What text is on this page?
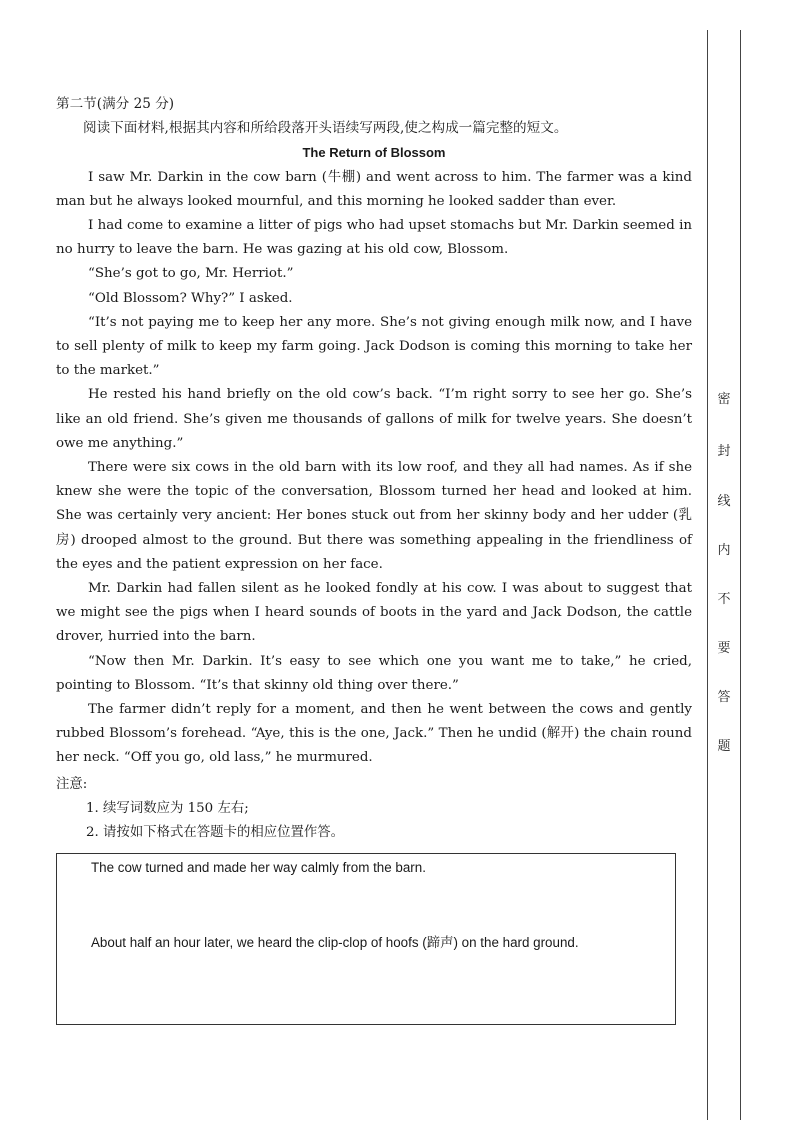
第二节(满分 25 分)

阅读下面材料,根据其内容和所给段落开头语续写两段,使之构成一篇完整的短文。

The Return of Blossom

I saw Mr. Darkin in the cow barn (牛棚) and went across to him. The farmer was a kind man but he always looked mournful, and this morning he looked sadder than ever.

I had come to examine a litter of pigs who had upset stomachs but Mr. Darkin seemed in no hurry to leave the barn. He was gazing at his old cow, Blossom.

“She’s got to go, Mr. Herriot.”

“Old Blossom? Why?” I asked.

“It’s not paying me to keep her any more. She’s not giving enough milk now, and I have to sell plenty of milk to keep my farm going. Jack Dodson is coming this morning to take her to the market.”

He rested his hand briefly on the old cow’s back. “I’m right sorry to see her go. She’s like an old friend. She’s given me thousands of gallons of milk for twelve years. She doesn’t owe me anything.”

There were six cows in the old barn with its low roof, and they all had names. As if she knew she were the topic of the conversation, Blossom turned her head and looked at him. She was certainly very ancient: Her bones stuck out from her skinny body and her udder (乳房) drooped almost to the ground. But there was something appealing in the friendliness of the eyes and the patient expression on her face.

Mr. Darkin had fallen silent as he looked fondly at his cow. I was about to suggest that we might see the pigs when I heard sounds of boots in the yard and Jack Dodson, the cattle drover, hurried into the barn.

“Now then Mr. Darkin. It’s easy to see which one you want me to take,” he cried, pointing to Blossom. “It’s that skinny old thing over there.”

The farmer didn’t reply for a moment, and then he went between the cows and gently rubbed Blossom’s forehead. “Aye, this is the one, Jack.” Then he undid (解开) the chain round her neck. “Off you go, old lass,” he murmured.

注意:

1. 续写词数应为 150 左右;

2. 请按如下格式在答题卡的相应位置作答。

The cow turned and made her way calmly from the barn.
About half an hour later, we heard the clip-clop of hoofs (蹄声) on the hard ground.
密
封
线
内
不
要
答
题
